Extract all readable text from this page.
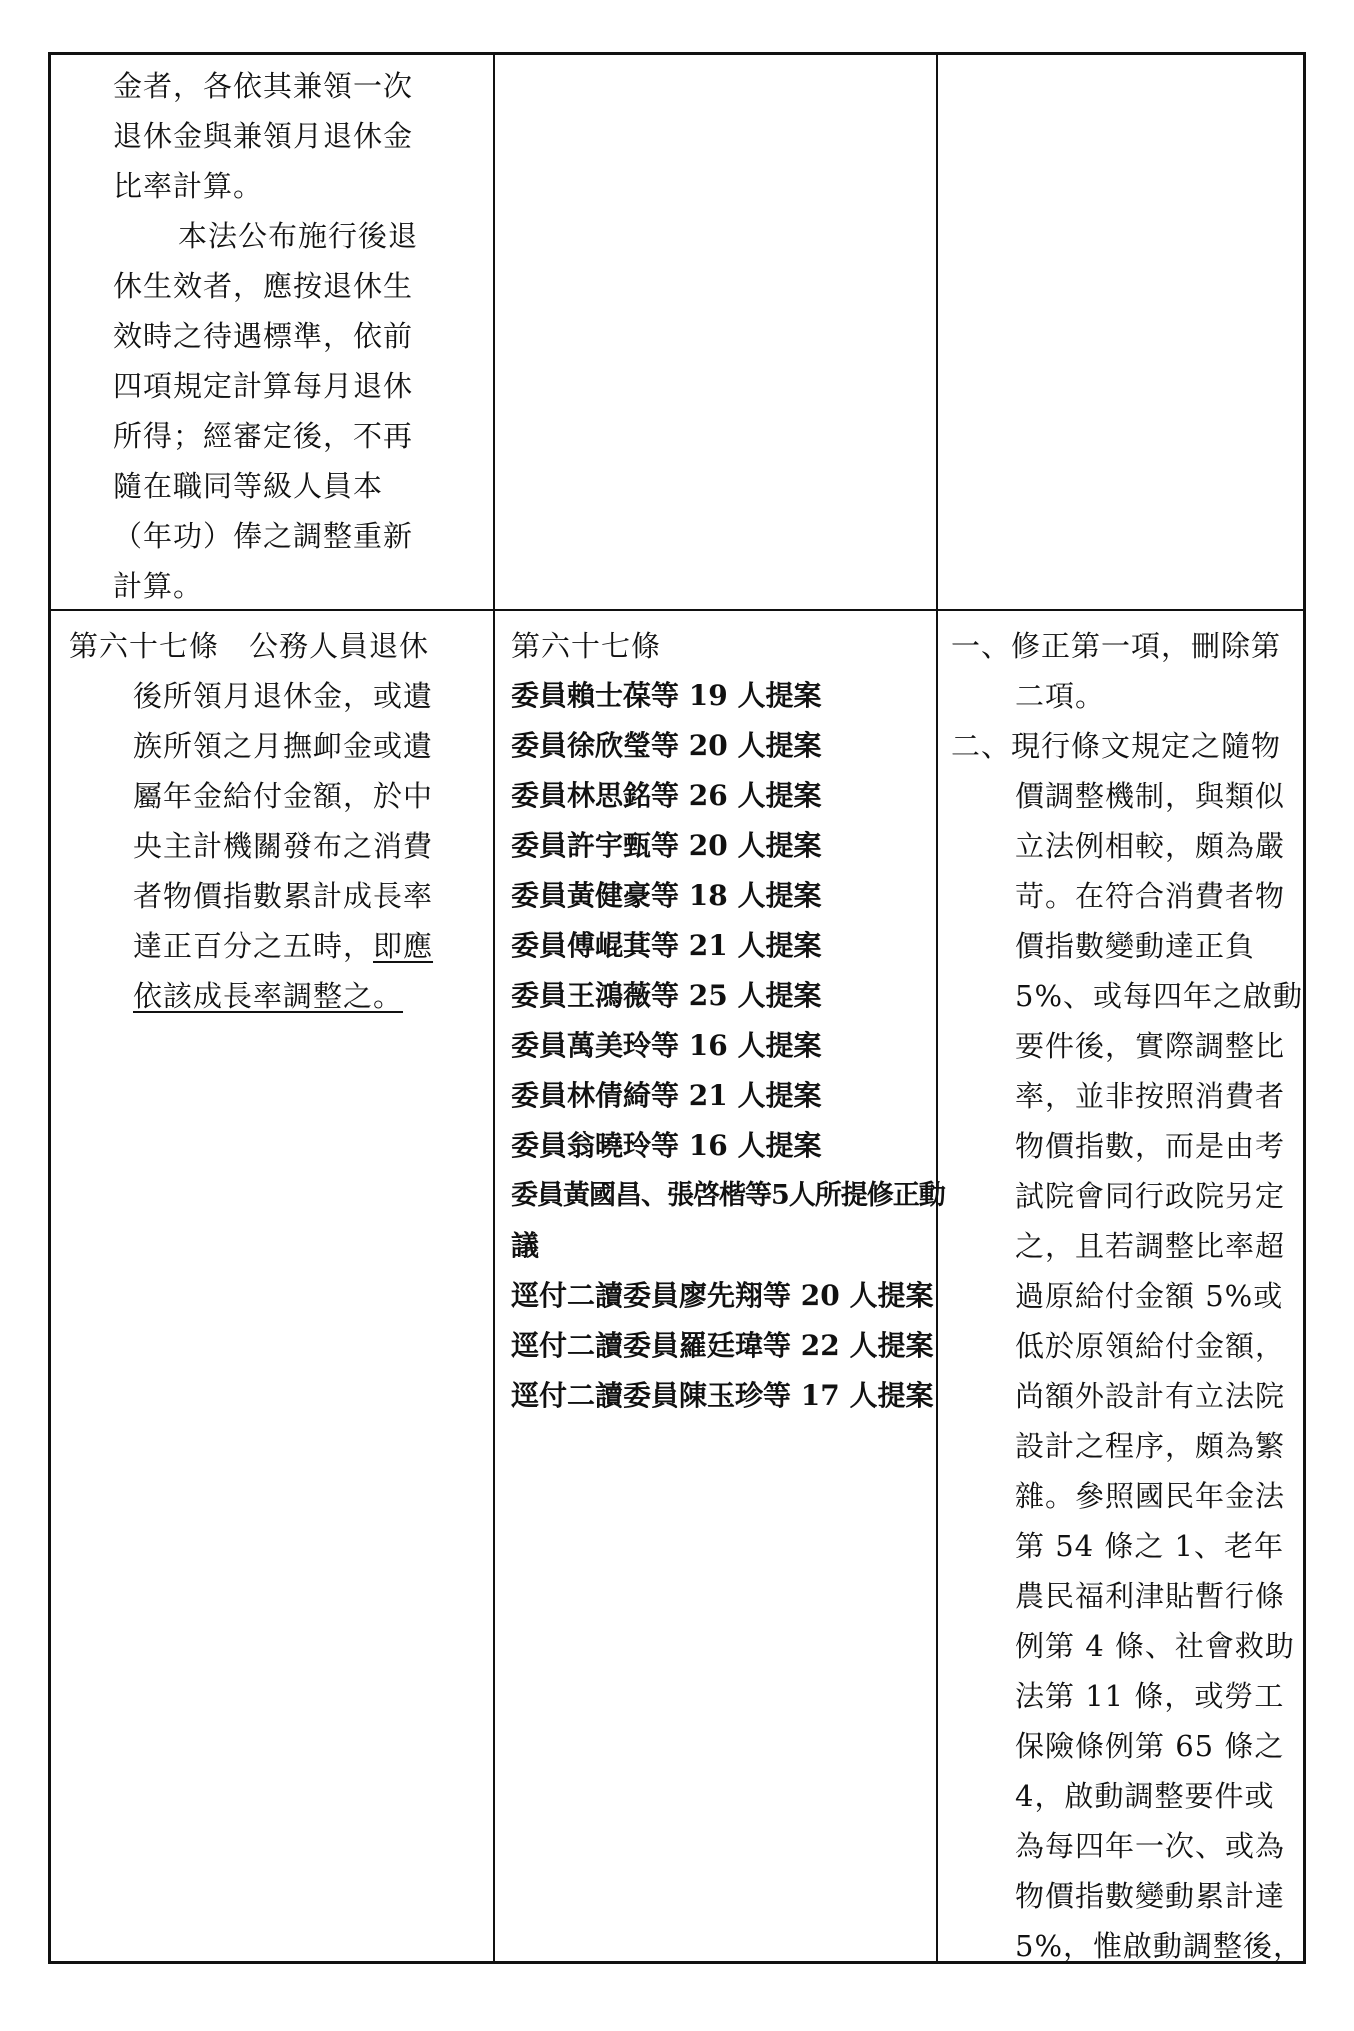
金者，各依其兼領一次
退休金與兼領月退休金
比率計算。
本法公布施行後退
休生效者，應按退休生
效時之待遇標準，依前
四項規定計算每月退休
所得；經審定後，不再
隨在職同等級人員本
（年功）俸之調整重新
計算。
第六十七條　公務人員退休
後所領月退休金，或遺
族所領之月撫卹金或遺
屬年金給付金額，於中
央主計機關發布之消費
者物價指數累計成長率
達正百分之五時，即應
依該成長率調整之。
第六十七條
委員賴士葆等 19 人提案
委員徐欣瑩等 20 人提案
委員林思銘等 26 人提案
委員許宇甄等 20 人提案
委員黃健豪等 18 人提案
委員傅崐萁等 21 人提案
委員王鴻薇等 25 人提案
委員萬美玲等 16 人提案
委員林倩綺等 21 人提案
委員翁曉玲等 16 人提案
委員黃國昌、張啓楷等5人所提修正動
議
逕付二讀委員廖先翔等 20 人提案
逕付二讀委員羅廷瑋等 22 人提案
逕付二讀委員陳玉珍等 17 人提案
一、修正第一項，刪除第
二項。
二、現行條文規定之隨物
價調整機制，與類似
立法例相較，頗為嚴
苛。在符合消費者物
價指數變動達正負
5%、或每四年之啟動
要件後，實際調整比
率，並非按照消費者
物價指數，而是由考
試院會同行政院另定
之，且若調整比率超
過原給付金額 5%或
低於原領給付金額，
尚額外設計有立法院
設計之程序，頗為繁
雜。參照國民年金法
第 54 條之 1、老年
農民福利津貼暫行條
例第 4 條、社會救助
法第 11 條，或勞工
保險條例第 65 條之
4，啟動調整要件或
為每四年一次、或為
物價指數變動累計達
5%，惟啟動調整後，
